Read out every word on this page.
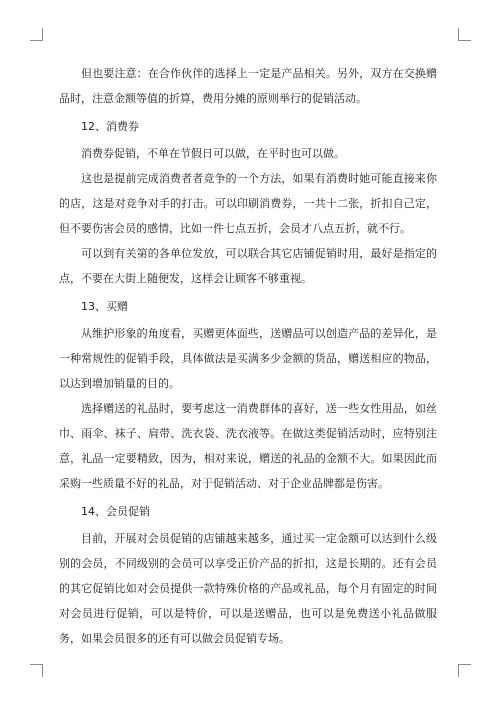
但也要注意：在合作伙伴的选择上一定是产品相关。另外，双方在交换赠品时，注意金额等值的折算，费用分摊的原则举行的促销活动。

12、消费券

消费券促销，不单在节假日可以做，在平时也可以做。

这也是提前完成消费者者竞争的一个方法，如果有消费时她可能直接来你的店，这是对竞争对手的打击。可以印刷消费券，一共十二张，折扣自己定，但不要伤害会员的感情，比如一件七点五折，会员才八点五折，就不行。

可以到有关第的各单位发放，可以联合其它店铺促销时用，最好是指定的点，不要在大街上随便发，这样会让顾客不够重视。

13、买赠

从维护形象的角度看，买赠更体面些，送赠品可以创造产品的差异化，是一种常规性的促销手段，具体做法是买满多少金额的货品，赠送相应的物品，以达到增加销量的目的。

选择赠送的礼品时，要考虑这一消费群体的喜好，送一些女性用品，如丝巾、雨伞、袜子、肩带、洗衣袋、洗衣液等。在做这类促销活动时，应特别注意，礼品一定要精致，因为，相对来说，赠送的礼品的金额不大。如果因此而采购一些质量不好的礼品，对于促销活动、对于企业品牌都是伤害。

14、会员促销

目前，开展对会员促销的店铺越来越多，通过买一定金额可以达到什么级别的会员，不同级别的会员可以享受正价产品的折扣，这是长期的。还有会员的其它促销比如对会员提供一款特殊价格的产品或礼品，每个月有固定的时间对会员进行促销，可以是特价，可以是送赠品，也可以是免费送小礼品做服务，如果会员很多的还有可以做会员促销专场。
